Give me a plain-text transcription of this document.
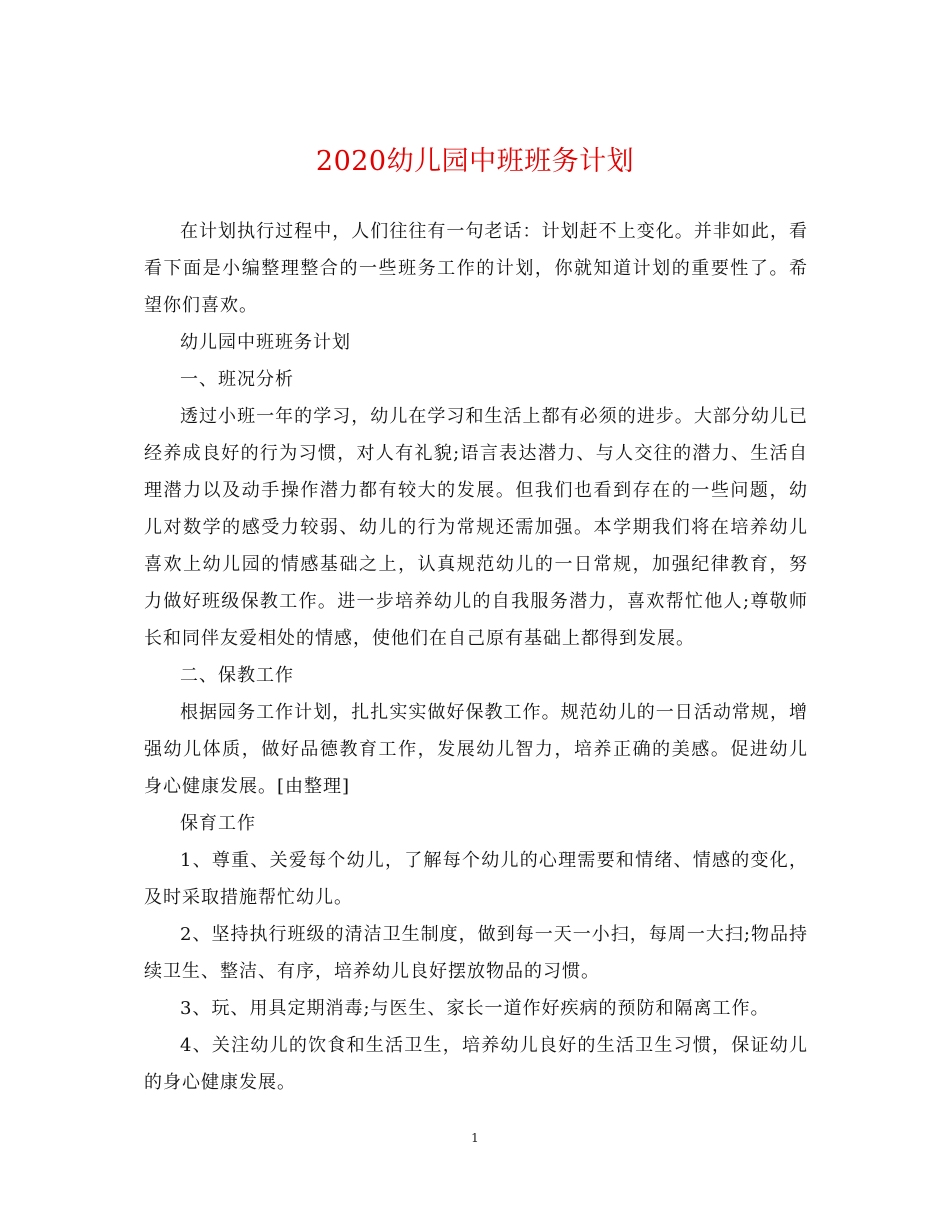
2020幼儿园中班班务计划

在计划执行过程中，人们往往有一句老话：计划赶不上变化。并非如此，看看下面是小编整理整合的一些班务工作的计划，你就知道计划的重要性了。希望你们喜欢。

幼儿园中班班务计划

一、班况分析

透过小班一年的学习，幼儿在学习和生活上都有必须的进步。大部分幼儿已经养成良好的行为习惯，对人有礼貌;语言表达潜力、与人交往的潜力、生活自理潜力以及动手操作潜力都有较大的发展。但我们也看到存在的一些问题，幼儿对数学的感受力较弱、幼儿的行为常规还需加强。本学期我们将在培养幼儿喜欢上幼儿园的情感基础之上，认真规范幼儿的一日常规，加强纪律教育，努力做好班级保教工作。进一步培养幼儿的自我服务潜力，喜欢帮忙他人;尊敬师长和同伴友爱相处的情感，使他们在自己原有基础上都得到发展。

二、保教工作

根据园务工作计划，扎扎实实做好保教工作。规范幼儿的一日活动常规，增强幼儿体质，做好品德教育工作，发展幼儿智力，培养正确的美感。促进幼儿身心健康发展。[由整理]

保育工作

1、尊重、关爱每个幼儿，了解每个幼儿的心理需要和情绪、情感的变化，及时采取措施帮忙幼儿。

2、坚持执行班级的清洁卫生制度，做到每一天一小扫，每周一大扫;物品持续卫生、整洁、有序，培养幼儿良好摆放物品的习惯。

3、玩、用具定期消毒;与医生、家长一道作好疾病的预防和隔离工作。

4、关注幼儿的饮食和生活卫生，培养幼儿良好的生活卫生习惯，保证幼儿的身心健康发展。

1
